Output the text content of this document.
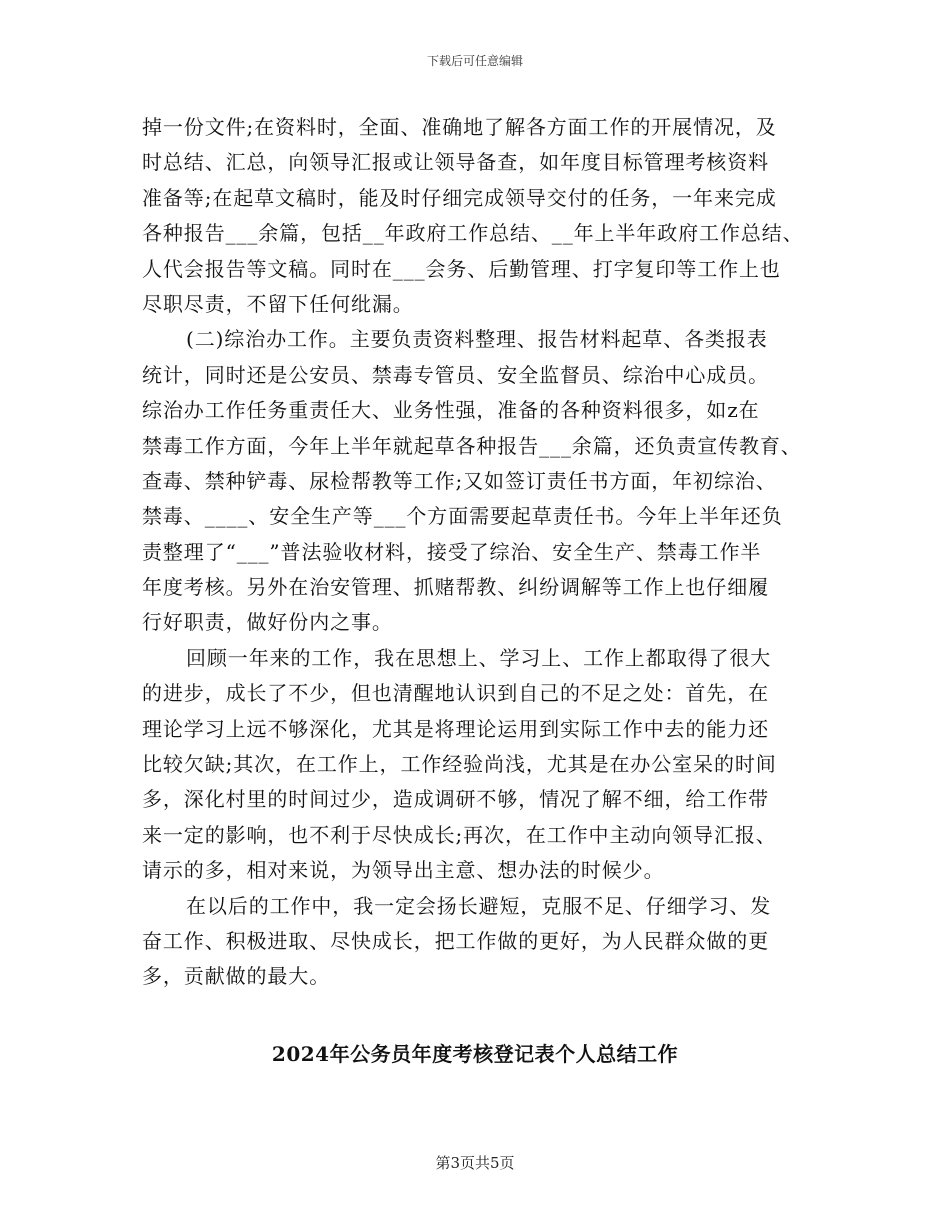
下载后可任意编辑
掉一份文件;在资料时，全面、准确地了解各方面工作的开展情况，及
时总结、汇总，向领导汇报或让领导备查，如年度目标管理考核资料
准备等;在起草文稿时，能及时仔细完成领导交付的任务，一年来完成
各种报告___余篇，包括__年政府工作总结、__年上半年政府工作总结、
人代会报告等文稿。同时在___会务、后勤管理、打字复印等工作上也
尽职尽责，不留下任何纰漏。
(二)综治办工作。主要负责资料整理、报告材料起草、各类报表
统计，同时还是公安员、禁毒专管员、安全监督员、综治中心成员。
综治办工作任务重责任大、业务性强，准备的各种资料很多，如z在
禁毒工作方面，今年上半年就起草各种报告___余篇，还负责宣传教育、
查毒、禁种铲毒、尿检帮教等工作;又如签订责任书方面，年初综治、
禁毒、____、安全生产等___个方面需要起草责任书。今年上半年还负
责整理了“___”普法验收材料，接受了综治、安全生产、禁毒工作半
年度考核。另外在治安管理、抓赌帮教、纠纷调解等工作上也仔细履
行好职责，做好份内之事。
回顾一年来的工作，我在思想上、学习上、工作上都取得了很大
的进步，成长了不少，但也清醒地认识到自己的不足之处：首先，在
理论学习上远不够深化，尤其是将理论运用到实际工作中去的能力还
比较欠缺;其次，在工作上，工作经验尚浅，尤其是在办公室呆的时间
多，深化村里的时间过少，造成调研不够，情况了解不细，给工作带
来一定的影响，也不利于尽快成长;再次，在工作中主动向领导汇报、
请示的多，相对来说，为领导出主意、想办法的时候少。
在以后的工作中，我一定会扬长避短，克服不足、仔细学习、发
奋工作、积极进取、尽快成长，把工作做的更好，为人民群众做的更
多，贡献做的最大。
2024年公务员年度考核登记表个人总结工作
第3页共5页
